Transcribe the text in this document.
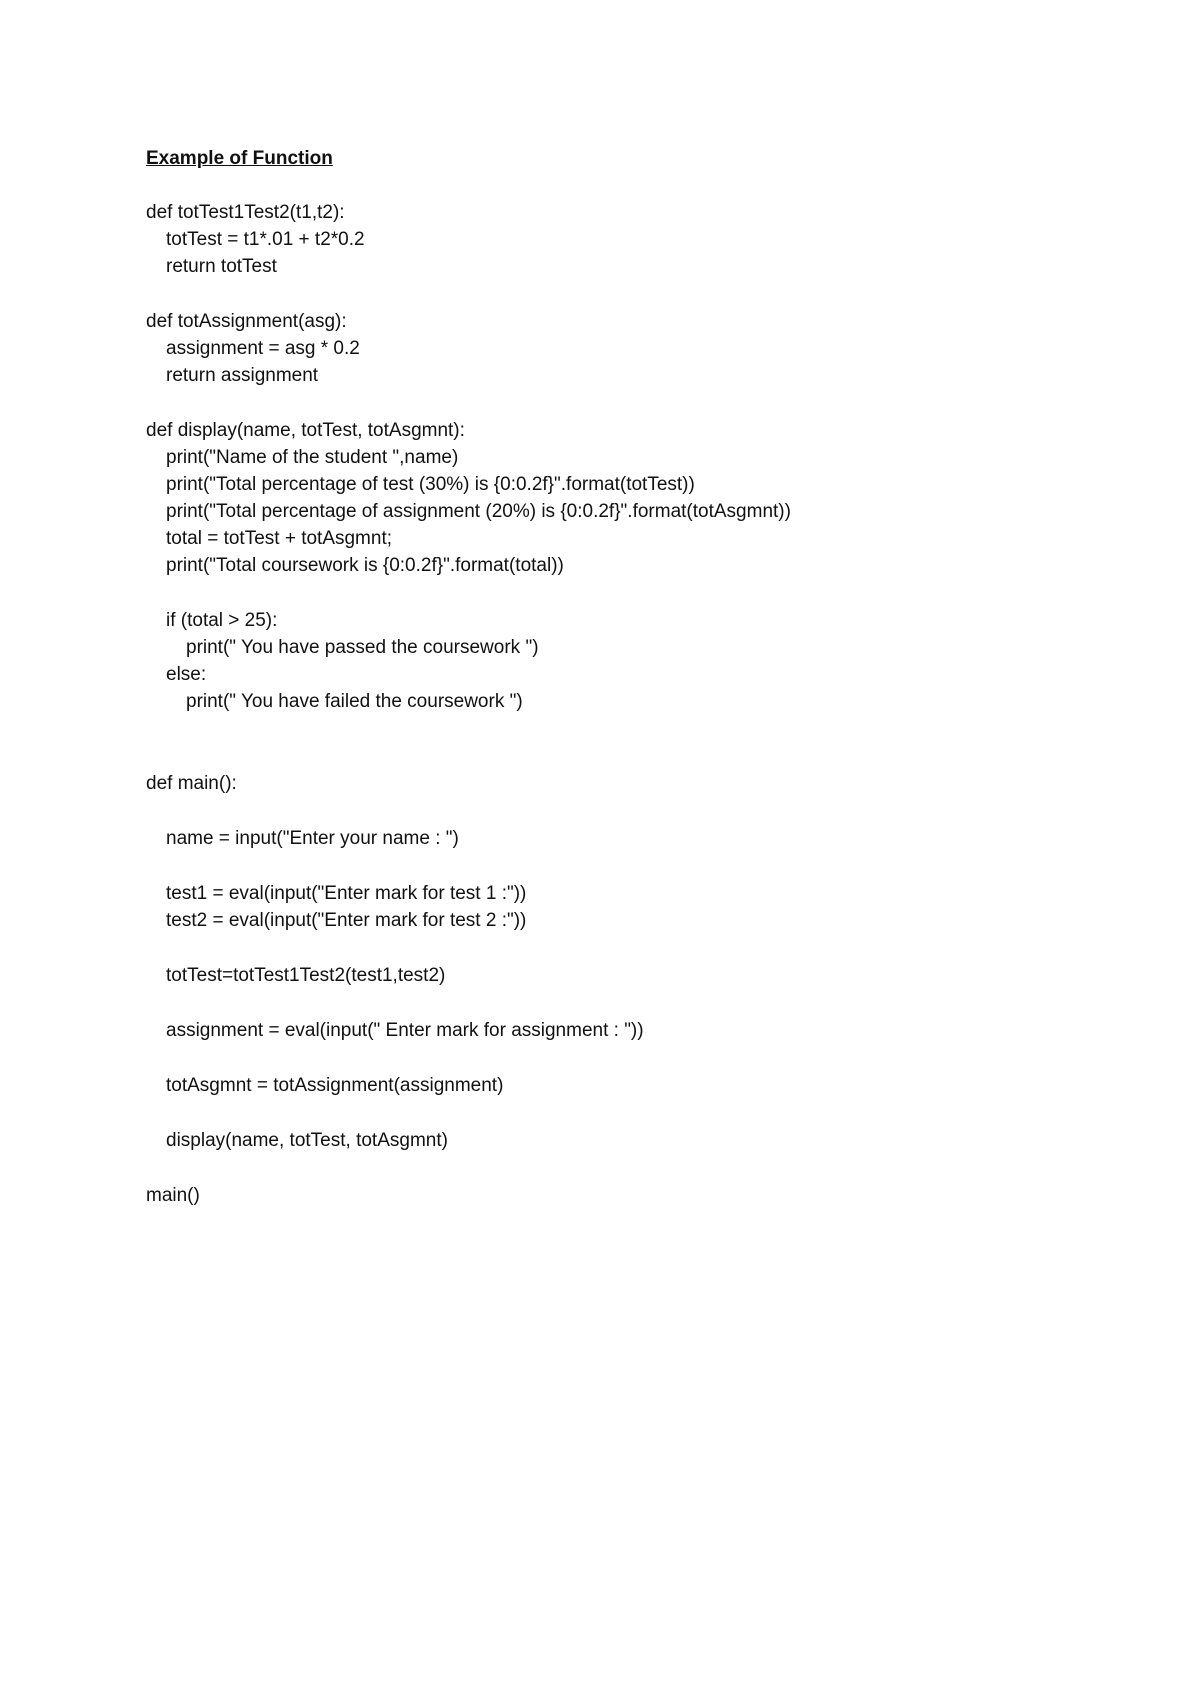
Example of Function
def totTest1Test2(t1,t2):
totTest = t1*.01 + t2*0.2
return totTest
def totAssignment(asg):
assignment = asg * 0.2
return assignment
def display(name, totTest, totAsgmnt):
print("Name of the student ",name)
print("Total percentage of test (30%) is {0:0.2f}".format(totTest))
print("Total percentage of assignment (20%) is {0:0.2f}".format(totAsgmnt))
total = totTest + totAsgmnt;
print("Total coursework is {0:0.2f}".format(total))
if (total > 25):
print(" You have passed the coursework ")
else:
print(" You have failed the coursework ")
def main():
name = input("Enter your name : ")
test1 = eval(input("Enter mark for test 1 :"))
test2 = eval(input("Enter mark for test 2 :"))
totTest=totTest1Test2(test1,test2)
assignment = eval(input(" Enter mark for assignment : "))
totAsgmnt = totAssignment(assignment)
display(name, totTest, totAsgmnt)
main()
